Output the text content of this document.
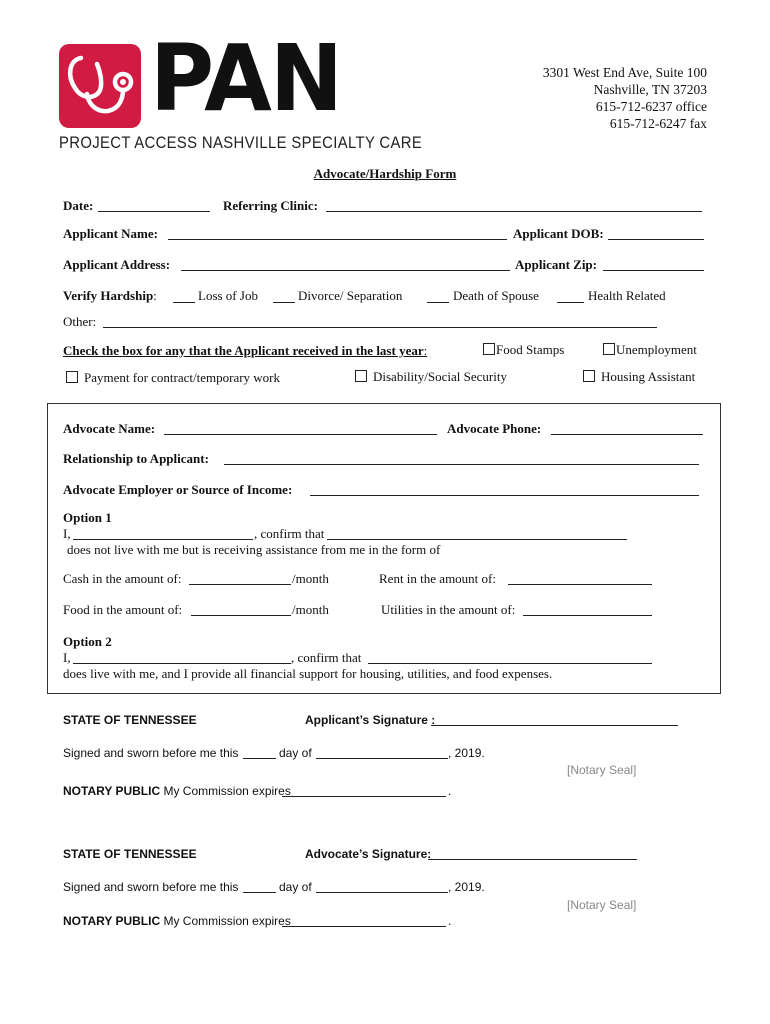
PAN
PROJECT ACCESS NASHVILLE SPECIALTY CARE
3301 West End Ave, Suite 100
Nashville, TN 37203
615-712-6237 office
615-712-6247 fax
Advocate/Hardship Form
Date:	Referring Clinic:
Applicant Name:	Applicant DOB:
Applicant Address:	Applicant Zip:
Verify Hardship:	Loss of Job	Divorce/ Separation	Death of Spouse	Health Related
Other:
Check the box for any that the Applicant received in the last year:	Food Stamps	Unemployment
Payment for contract/temporary work	Disability/Social Security	Housing Assistant
Advocate Name:	Advocate Phone:
Relationship to Applicant:
Advocate Employer or Source of Income:
Option 1
I,	, confirm that
does not live with me but is receiving assistance from me in the form of
Cash in the amount of:	/month	Rent in the amount of:
Food in the amount of:	/month	Utilities in the amount of:
Option 2
I,	, confirm that
does live with me, and I provide all financial support for housing, utilities, and food expenses.
STATE OF TENNESSEE	Applicant’s Signature :
Signed and sworn before me this	day of	, 2019.
[Notary Seal]
NOTARY PUBLIC My Commission expires	.
STATE OF TENNESSEE	Advocate’s Signature:
Signed and sworn before me this	day of	, 2019.
[Notary Seal]
NOTARY PUBLIC My Commission expires	.
